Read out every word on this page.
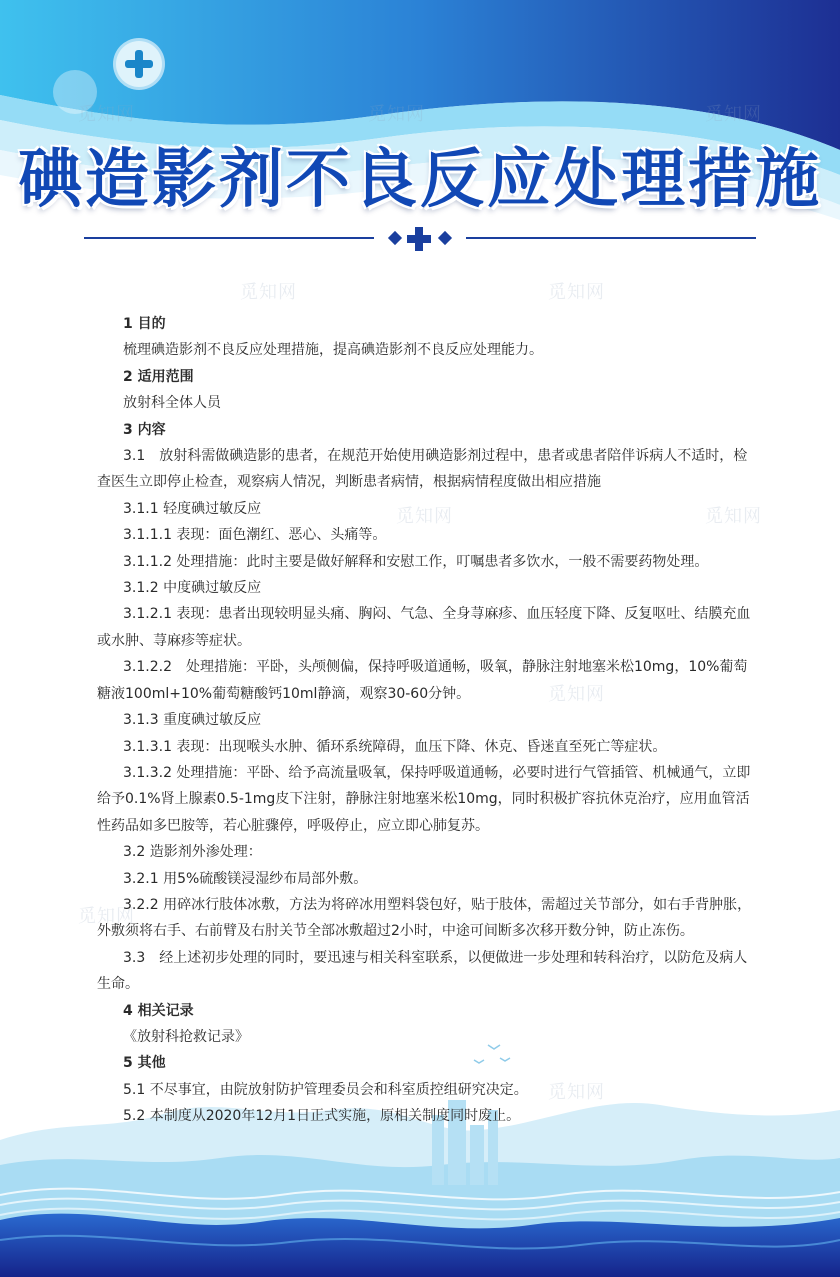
觅知网	觅知网	觅知网
觅知网	觅知网
觅知网	觅知网
觅知网
觅知网
觅知网
碘造影剂不良反应处理措施

1 目的

梳理碘造影剂不良反应处理措施，提高碘造影剂不良反应处理能力。

2 适用范围

放射科全体人员

3 内容

3.1　放射科需做碘造影的患者，在规范开始使用碘造影剂过程中，患者或患者陪伴诉病人不适时，检查医生立即停止检查，观察病人情况，判断患者病情，根据病情程度做出相应措施

3.1.1 轻度碘过敏反应

3.1.1.1 表现：面色潮红、恶心、头痛等。

3.1.1.2 处理措施：此时主要是做好解释和安慰工作，叮嘱患者多饮水，一般不需要药物处理。

3.1.2 中度碘过敏反应

3.1.2.1 表现：患者出现较明显头痛、胸闷、气急、全身荨麻疹、血压轻度下降、反复呕吐、结膜充血或水肿、荨麻疹等症状。

3.1.2.2　处理措施：平卧，头颅侧偏，保持呼吸道通畅，吸氧，静脉注射地塞米松10mg，10%葡萄糖液100ml+10%葡萄糖酸钙10ml静滴，观察30-60分钟。

3.1.3 重度碘过敏反应

3.1.3.1 表现：出现喉头水肿、循环系统障碍，血压下降、休克、昏迷直至死亡等症状。

3.1.3.2 处理措施：平卧、给予高流量吸氧，保持呼吸道通畅，必要时进行气管插管、机械通气，立即给予0.1%肾上腺素0.5-1mg皮下注射，静脉注射地塞米松10mg，同时积极扩容抗休克治疗，应用血管活性药品如多巴胺等，若心脏骤停，呼吸停止，应立即心肺复苏。

3.2 造影剂外渗处理：

3.2.1 用5%硫酸镁浸湿纱布局部外敷。

3.2.2 用碎冰行肢体冰敷，方法为将碎冰用塑料袋包好，贴于肢体，需超过关节部分，如右手背肿胀，外敷须将右手、右前臂及右肘关节全部冰敷超过2小时，中途可间断多次移开数分钟，防止冻伤。

3.3　经上述初步处理的同时，要迅速与相关科室联系，以便做进一步处理和转科治疗，以防危及病人生命。

4 相关记录

《放射科抢救记录》

5 其他

5.1 不尽事宜，由院放射防护管理委员会和科室质控组研究决定。

5.2 本制度从2020年12月1日正式实施，原相关制度同时废止。
